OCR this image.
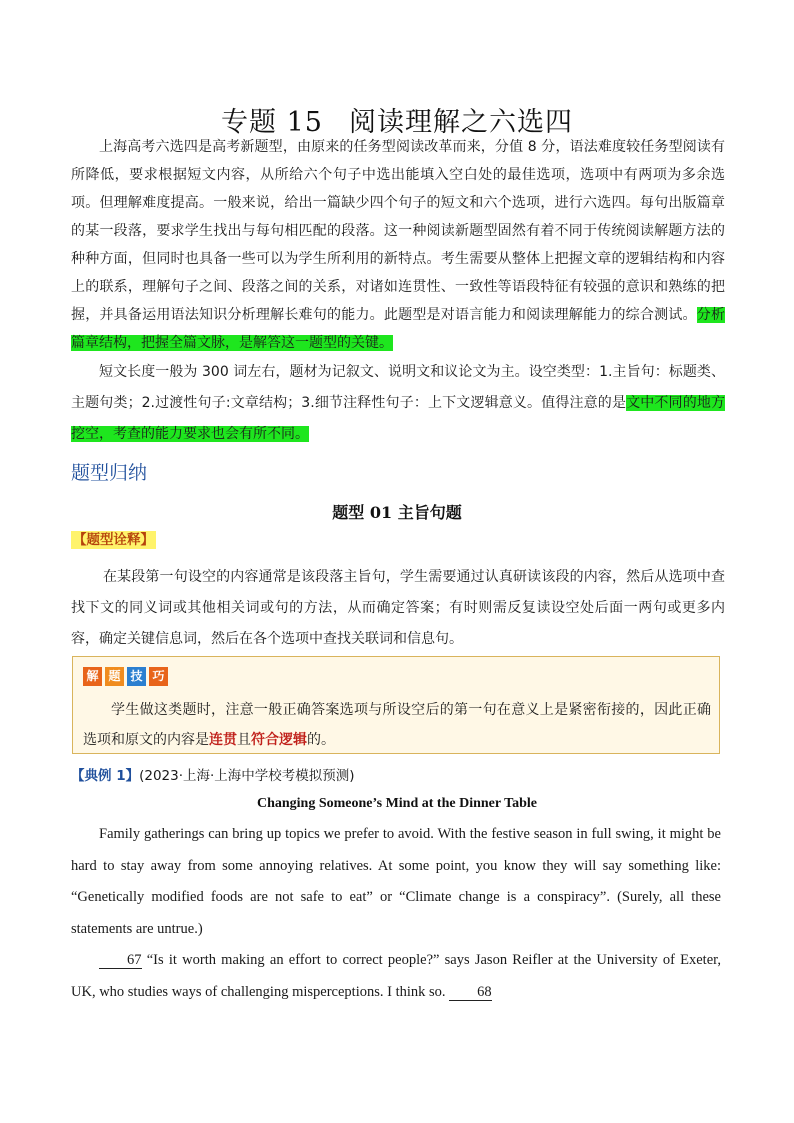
专题 15 阅读理解之六选四
上海高考六选四是高考新题型，由原来的任务型阅读改革而来，分值 8 分，语法难度较任务型阅读有所降低，要求根据短文内容，从所给六个句子中选出能填入空白处的最佳选项，选项中有两项为多余选项。但理解难度提高。一般来说，给出一篇缺少四个句子的短文和六个选项，进行六选四。每句出版篇章的某一段落，要求学生找出与每句相匹配的段落。这一种阅读新题型固然有着不同于传统阅读解题方法的种种方面，但同时也具备一些可以为学生所利用的新特点。考生需要从整体上把握文章的逻辑结构和内容上的联系，理解句子之间、段落之间的关系，对诸如连贯性、一致性等语段特征有较强的意识和熟练的把握，并具备运用语法知识分析理解长难句的能力。此题型是对语言能力和阅读理解能力的综合测试。分析篇章结构，把握全篇文脉，是解答这一题型的关键。
短文长度一般为 300 词左右，题材为记叙文、说明文和议论文为主。设空类型：1.主旨句：标题类、主题句类；2.过渡性句子:文章结构；3.细节注释性句子：上下文逻辑意义。值得注意的是文中不同的地方挖空，考查的能力要求也会有所不同。
题型归纳
题型 01 主旨句题
【题型诠释】
在某段第一句设空的内容通常是该段落主旨句，学生需要通过认真研读该段的内容，然后从选项中查找下文的同义词或其他相关词或句的方法，从而确定答案；有时则需反复读设空处后面一两句或更多内容，确定关键信息词，然后在各个选项中查找关联词和信息句。
解 题 技 巧
学生做这类题时，注意一般正确答案选项与所设空后的第一句在意义上是紧密衔接的，因此正确选项和原文的内容是连贯且符合逻辑的。
【典例 1】(2023·上海·上海中学校考模拟预测)
Changing Someone’s Mind at the Dinner Table
Family gatherings can bring up topics we prefer to avoid. With the festive season in full swing, it might be hard to stay away from some annoying relatives. At some point, you know they will say something like: “Genetically modified foods are not safe to eat” or “Climate change is a conspiracy”. (Surely, all these statements are untrue.)
67 “Is it worth making an effort to correct people?” says Jason Reifler at the University of Exeter, UK, who studies ways of challenging misperceptions. I think so. 68
